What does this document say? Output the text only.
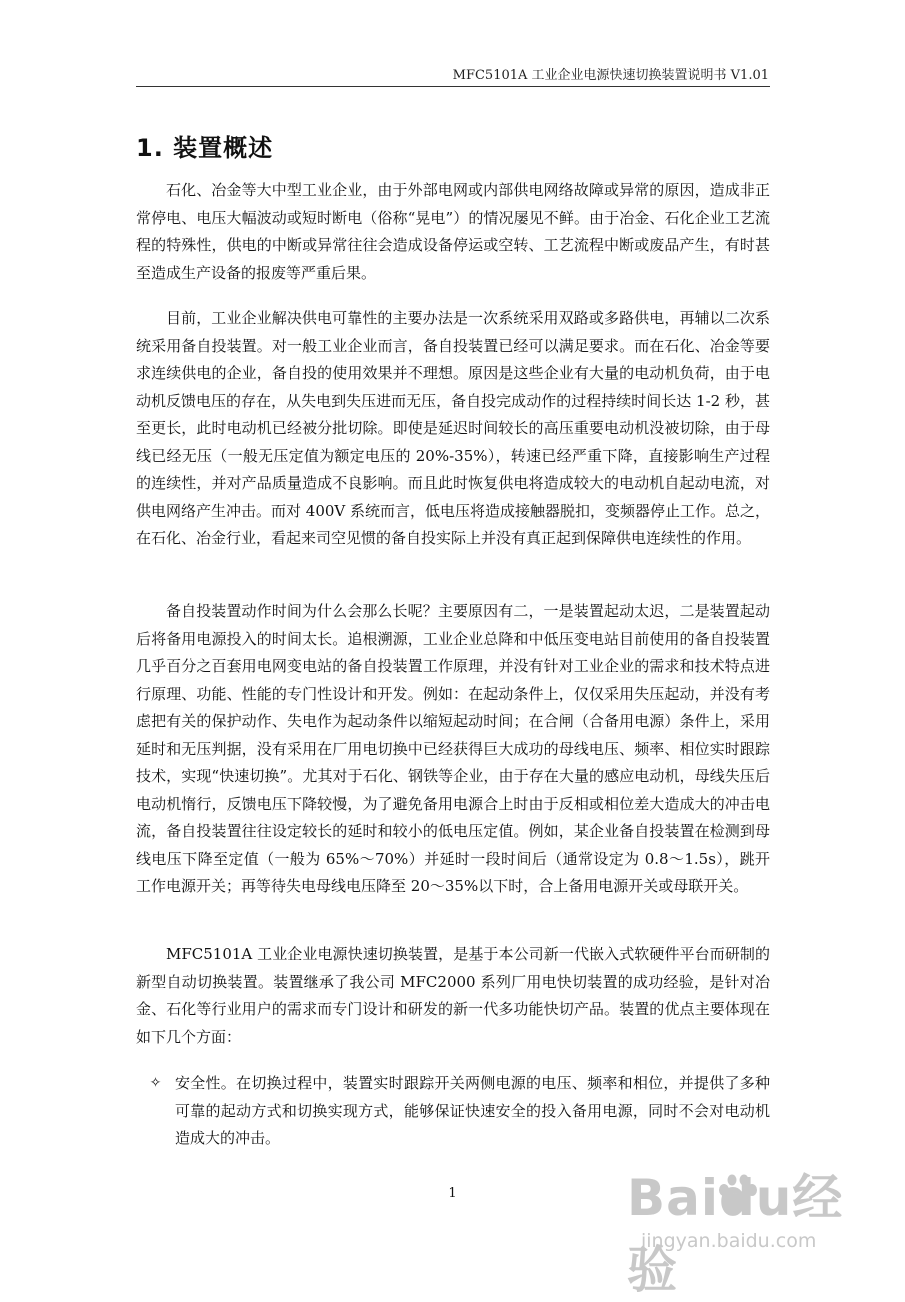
MFC5101A 工业企业电源快速切换装置说明书 V1.01
1. 装置概述

石化、冶金等大中型工业企业，由于外部电网或内部供电网络故障或异常的原因，造成非正常停电、电压大幅波动或短时断电（俗称“晃电”）的情况屡见不鲜。由于冶金、石化企业工艺流程的特殊性，供电的中断或异常往往会造成设备停运或空转、工艺流程中断或废品产生，有时甚至造成生产设备的报废等严重后果。

目前，工业企业解决供电可靠性的主要办法是一次系统采用双路或多路供电，再辅以二次系统采用备自投装置。对一般工业企业而言，备自投装置已经可以满足要求。而在石化、冶金等要求连续供电的企业，备自投的使用效果并不理想。原因是这些企业有大量的电动机负荷，由于电动机反馈电压的存在，从失电到失压进而无压，备自投完成动作的过程持续时间长达 1-2 秒，甚至更长，此时电动机已经被分批切除。即使是延迟时间较长的高压重要电动机没被切除，由于母线已经无压（一般无压定值为额定电压的 20%-35%），转速已经严重下降，直接影响生产过程的连续性，并对产品质量造成不良影响。而且此时恢复供电将造成较大的电动机自起动电流，对供电网络产生冲击。而对 400V 系统而言，低电压将造成接触器脱扣，变频器停止工作。总之，在石化、冶金行业，看起来司空见惯的备自投实际上并没有真正起到保障供电连续性的作用。

备自投装置动作时间为什么会那么长呢？主要原因有二，一是装置起动太迟，二是装置起动后将备用电源投入的时间太长。追根溯源，工业企业总降和中低压变电站目前使用的备自投装置几乎百分之百套用电网变电站的备自投装置工作原理，并没有针对工业企业的需求和技术特点进行原理、功能、性能的专门性设计和开发。例如：在起动条件上，仅仅采用失压起动，并没有考虑把有关的保护动作、失电作为起动条件以缩短起动时间；在合闸（合备用电源）条件上，采用延时和无压判据，没有采用在厂用电切换中已经获得巨大成功的母线电压、频率、相位实时跟踪技术，实现“快速切换”。尤其对于石化、钢铁等企业，由于存在大量的感应电动机，母线失压后电动机惰行，反馈电压下降较慢，为了避免备用电源合上时由于反相或相位差大造成大的冲击电流，备自投装置往往设定较长的延时和较小的低电压定值。例如，某企业备自投装置在检测到母线电压下降至定值（一般为 65%～70%）并延时一段时间后（通常设定为 0.8～1.5s），跳开工作电源开关；再等待失电母线电压降至 20～35%以下时，合上备用电源开关或母联开关。

MFC5101A 工业企业电源快速切换装置，是基于本公司新一代嵌入式软硬件平台而研制的新型自动切换装置。装置继承了我公司 MFC2000 系列厂用电快切装置的成功经验，是针对冶金、石化等行业用户的需求而专门设计和研发的新一代多功能快切产品。装置的优点主要体现在如下几个方面：

✧ 安全性。在切换过程中，装置实时跟踪开关两侧电源的电压、频率和相位，并提供了多种可靠的起动方式和切换实现方式，能够保证快速安全的投入备用电源，同时不会对电动机造成大的冲击。
1	Baidu经验
jingyan.baidu.com
